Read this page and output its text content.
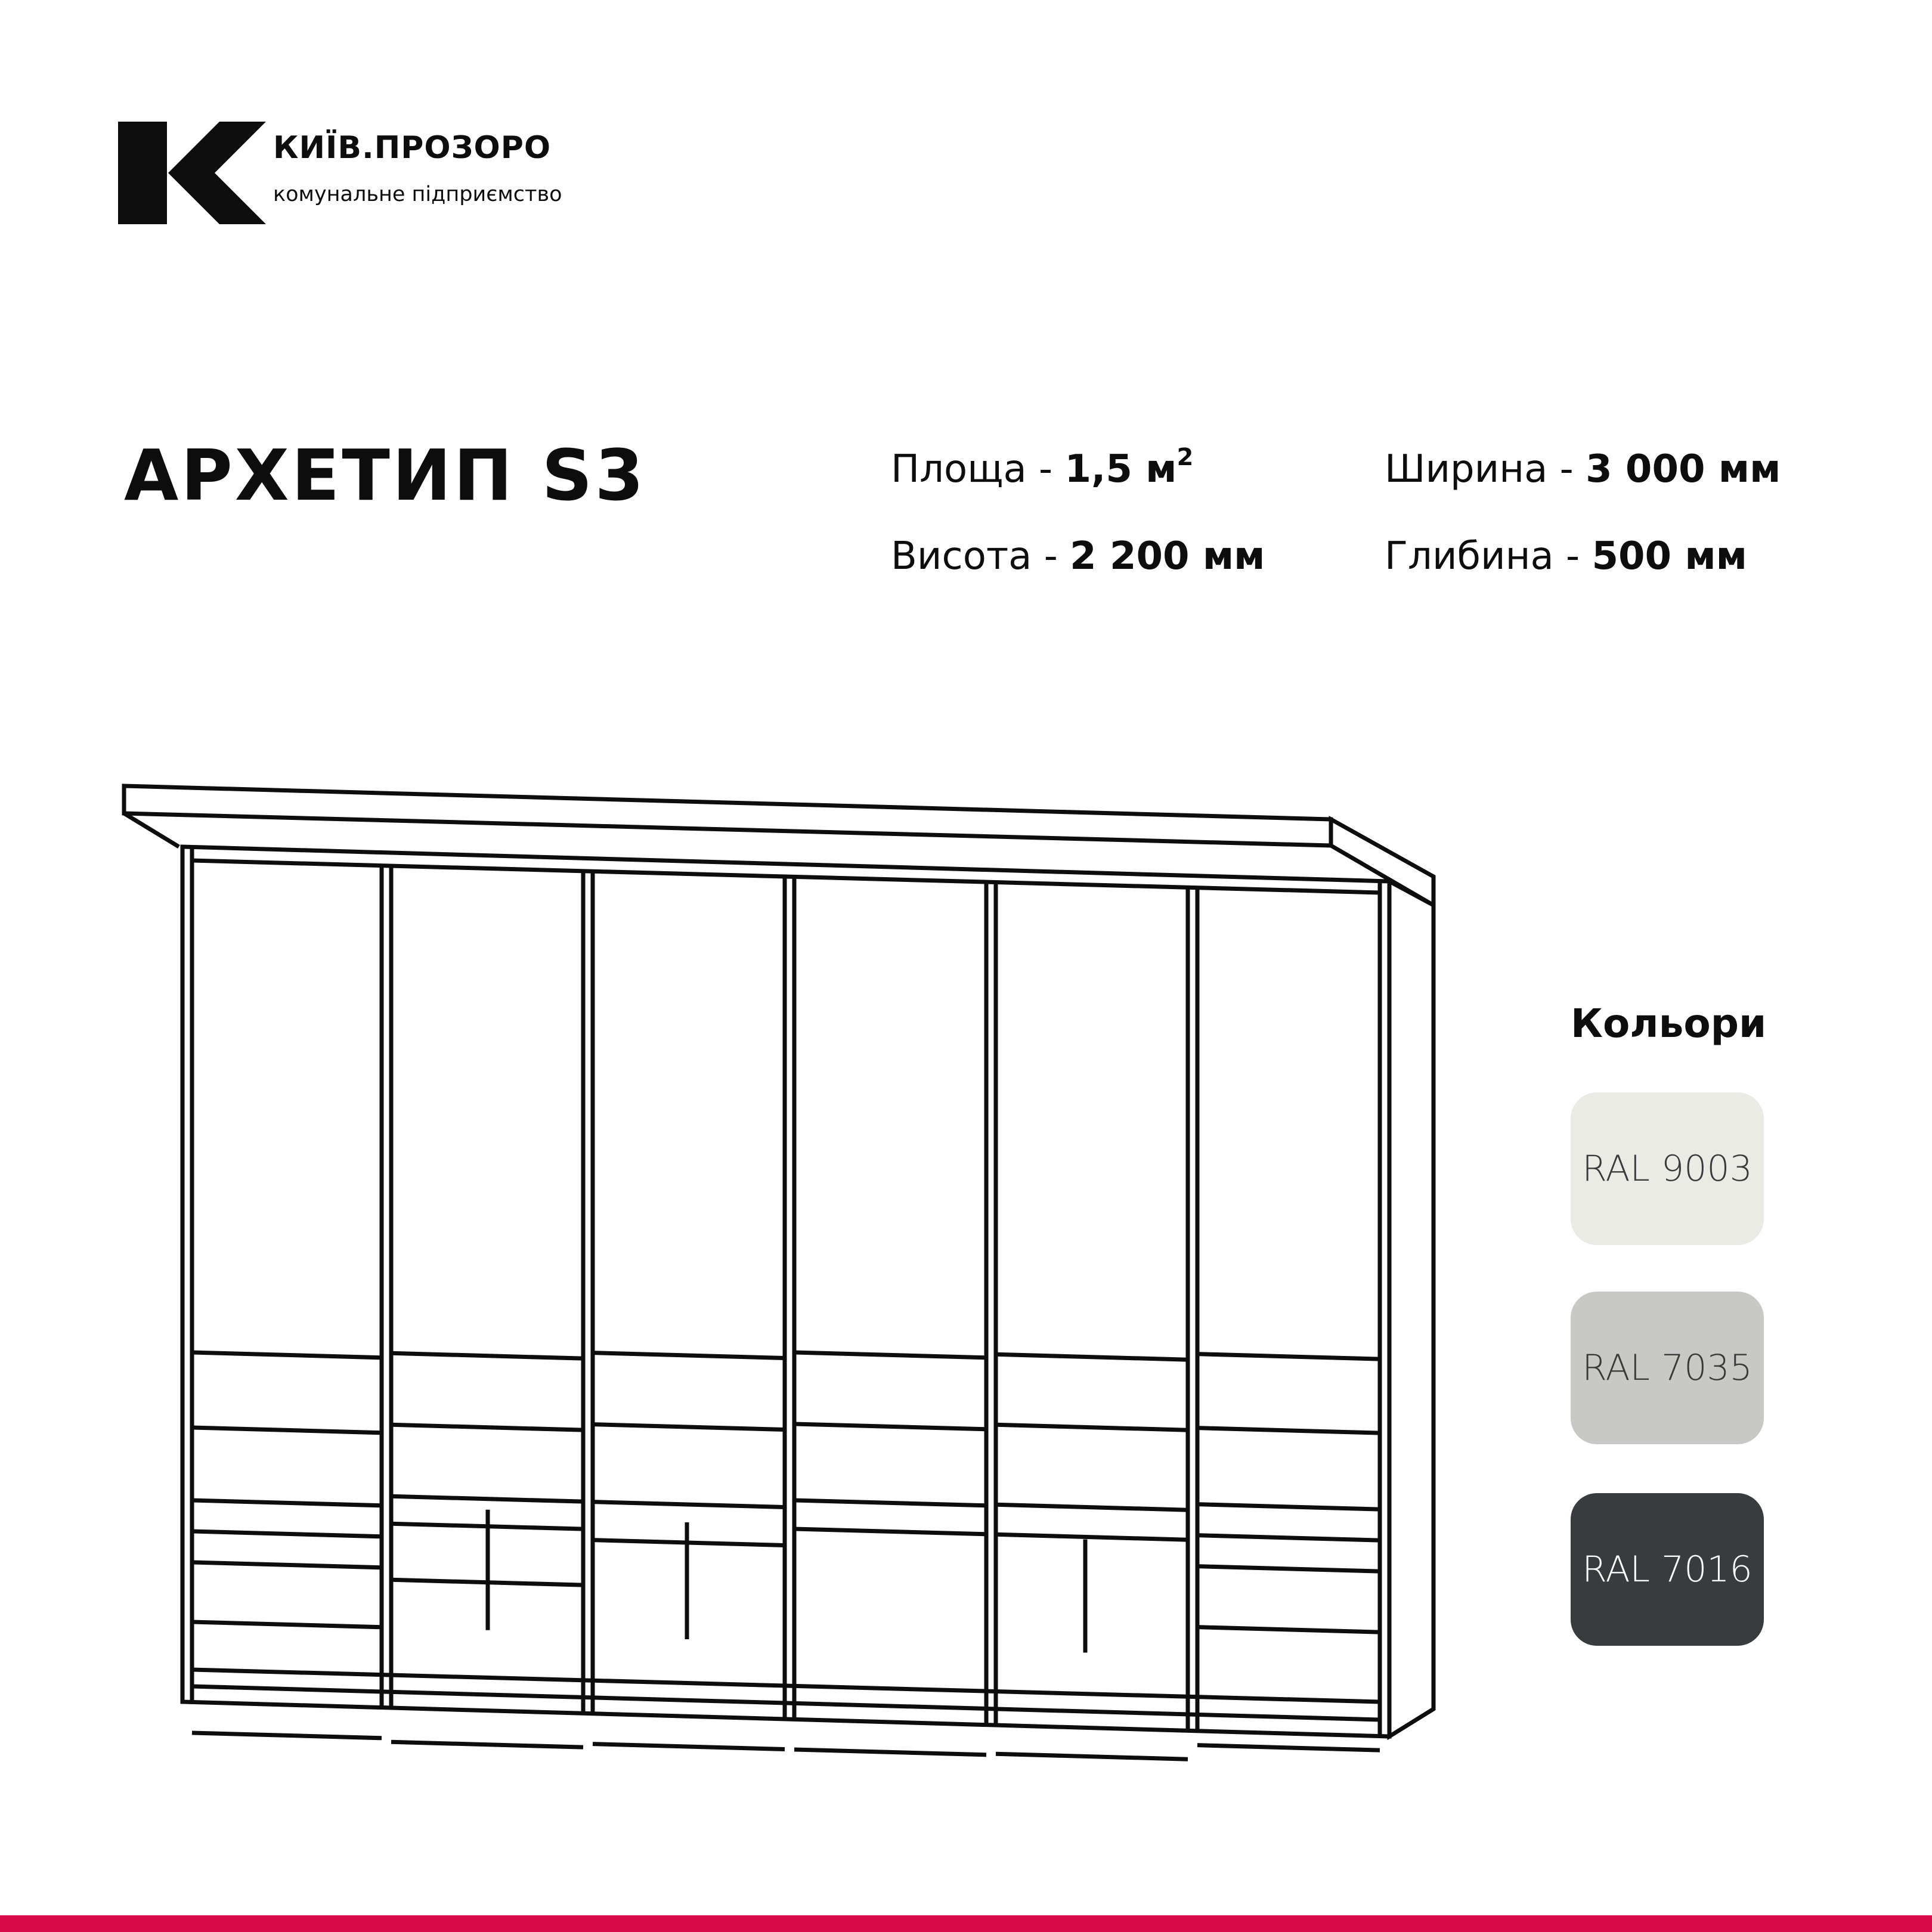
КИЇВ.ПРОЗОРО
комунальне підприємство
АРХЕТИП S3	Площа - 1,5 $м^2$
Висота - 2 200 мм
Ширина - 3 000 мм
Глибина - 500 мм
Кольори
RAL 9003
RAL 7035
RAL 7016
